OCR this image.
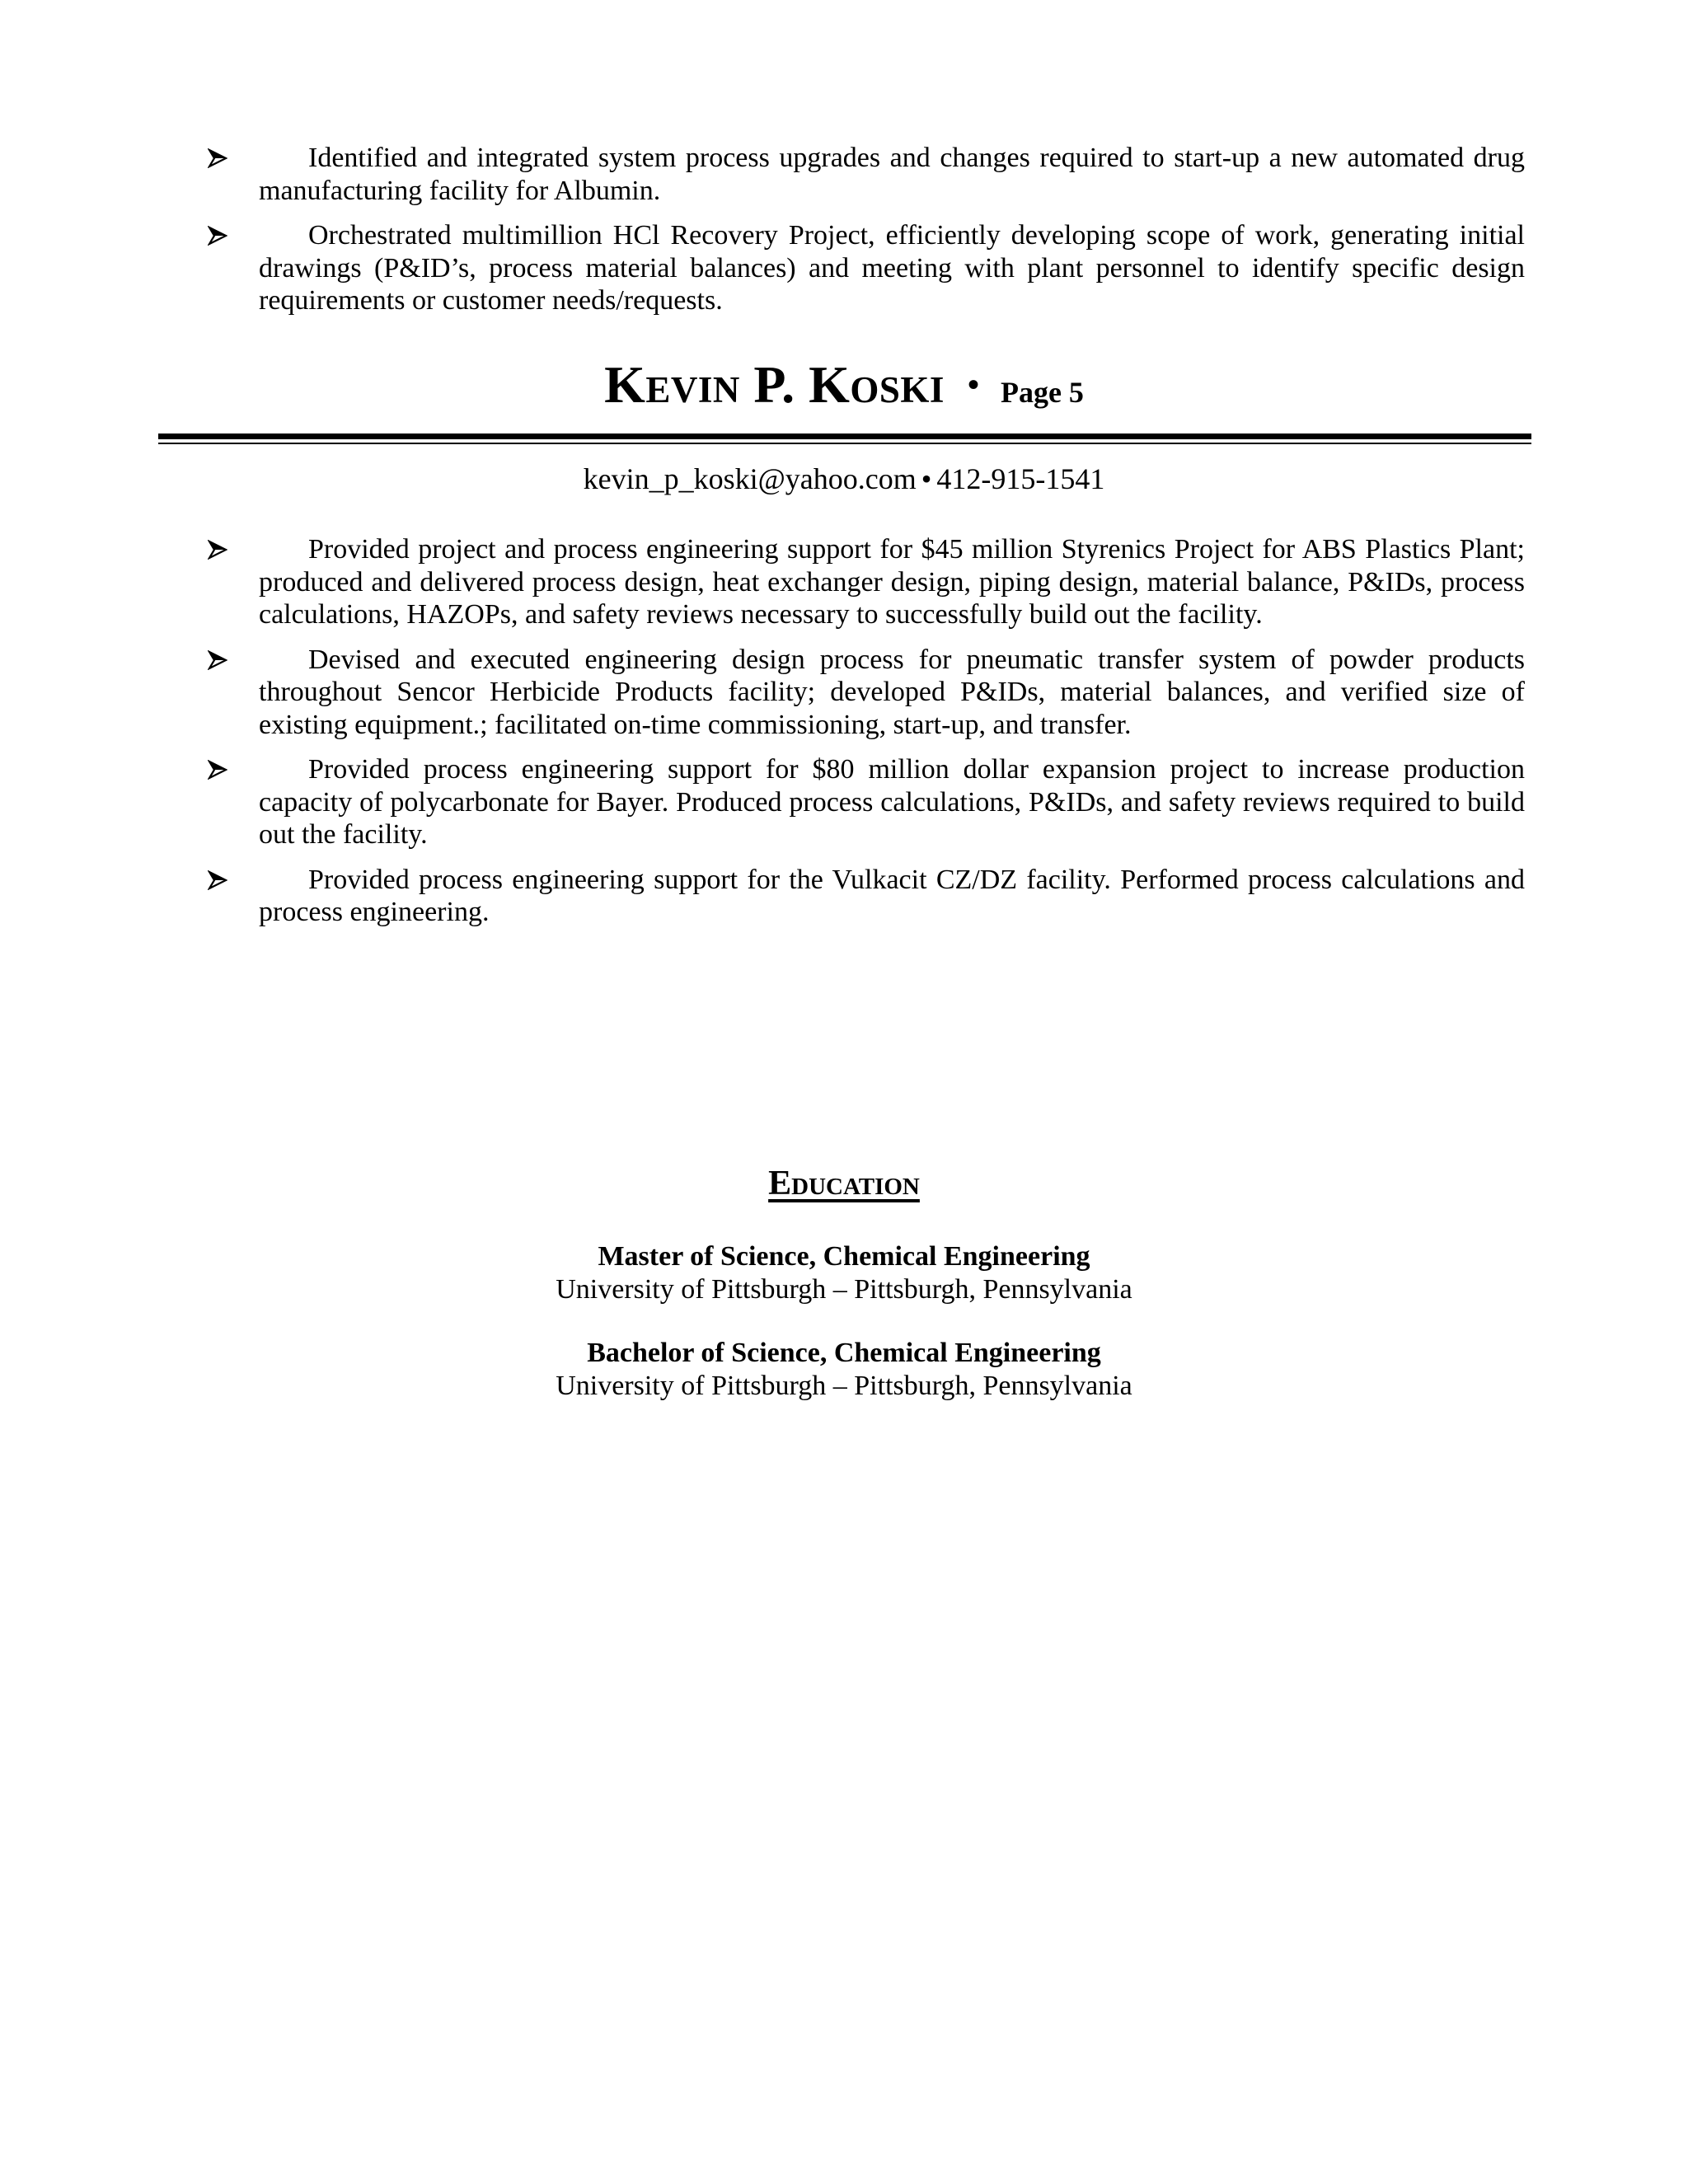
Identified and integrated system process upgrades and changes required to start-up a new automated drug manufacturing facility for Albumin.
Orchestrated multimillion HCl Recovery Project, efficiently developing scope of work, generating initial drawings (P&ID’s, process material balances) and meeting with plant personnel to identify specific design requirements or customer needs/requests.
Kevin P. Koski • Page 5
kevin_p_koski@yahoo.com • 412-915-1541
Provided project and process engineering support for $45 million Styrenics Project for ABS Plastics Plant; produced and delivered process design, heat exchanger design, piping design, material balance, P&IDs, process calculations, HAZOPs, and safety reviews necessary to successfully build out the facility.
Devised and executed engineering design process for pneumatic transfer system of powder products throughout Sencor Herbicide Products facility; developed P&IDs, material balances, and verified size of existing equipment.; facilitated on-time commissioning, start-up, and transfer.
Provided process engineering support for $80 million dollar expansion project to increase production capacity of polycarbonate for Bayer. Produced process calculations, P&IDs, and safety reviews required to build out the facility.
Provided process engineering support for the Vulkacit CZ/DZ facility. Performed process calculations and process engineering.
Education
Master of Science, Chemical Engineering
University of Pittsburgh – Pittsburgh, Pennsylvania
Bachelor of Science, Chemical Engineering
University of Pittsburgh – Pittsburgh, Pennsylvania
